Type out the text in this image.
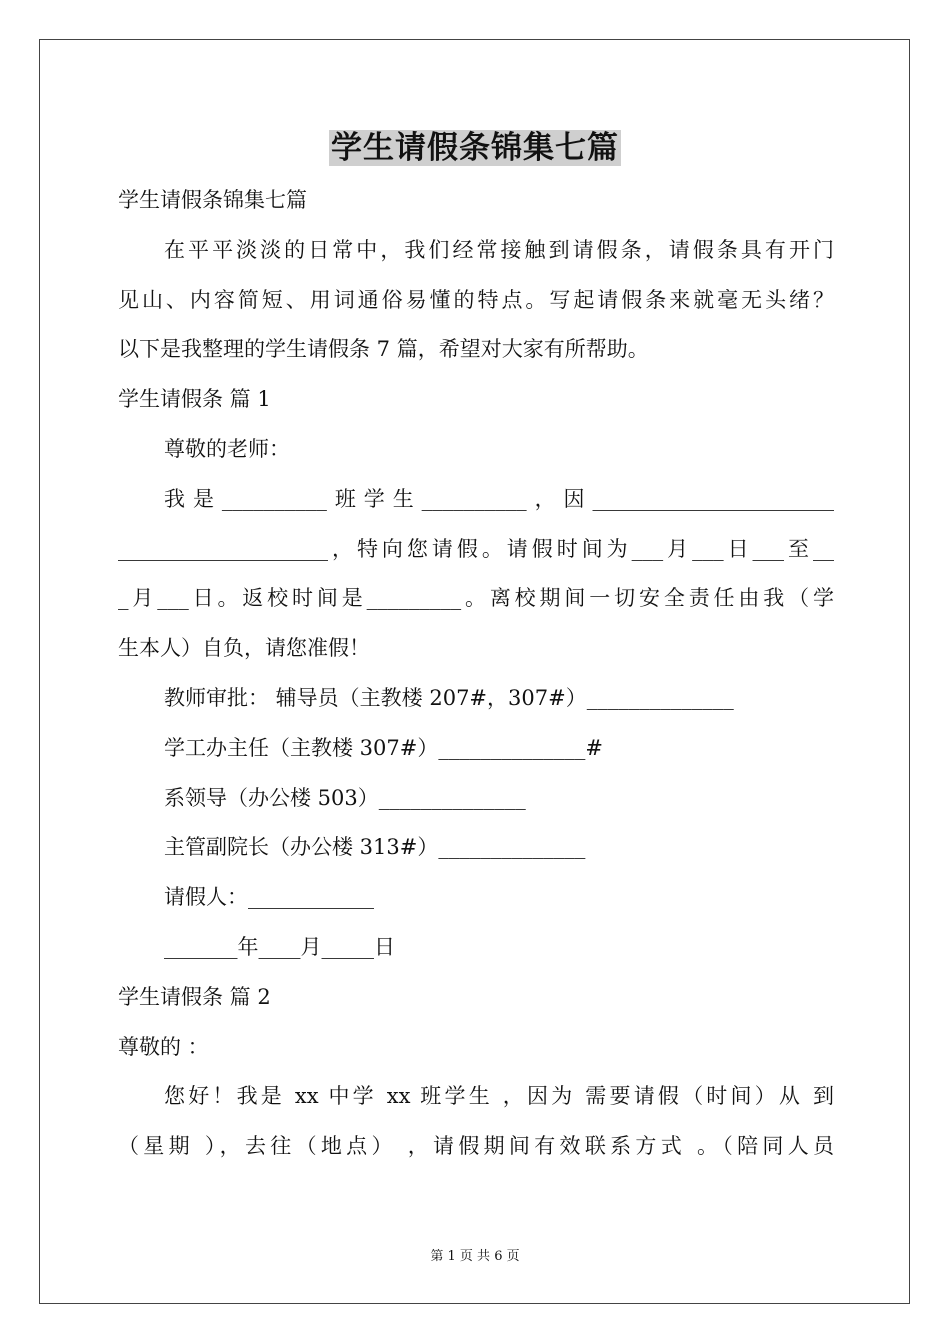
学生请假条锦集七篇
学生请假条锦集七篇
在平平淡淡的日常中，我们经常接触到请假条，请假条具有开门
见山、内容简短、用词通俗易懂的特点。写起请假条来就毫无头绪？
以下是我整理的学生请假条 7 篇，希望对大家有所帮助。
学生请假条 篇 1
尊敬的老师：
我是__________班学生__________，因_______________________
____________________，特向您请假。请假时间为___月___日___至__
_月___日。返校时间是_________。离校期间一切安全责任由我（学
生本人）自负，请您准假！
教师审批： 辅导员（主教楼 207#，307#）______________
学工办主任（主教楼 307#）______________#
系领导（办公楼 503）______________
主管副院长（办公楼 313#）______________
请假人：____________
_______年____月_____日
学生请假条 篇 2
尊敬的 ：
您好！我是 xx 中学 xx 班学生 ，因为 需要请假（时间）从 到
（星期 ），去往（地点） ，请假期间有效联系方式 。（陪同人员
第 1 页 共 6 页
